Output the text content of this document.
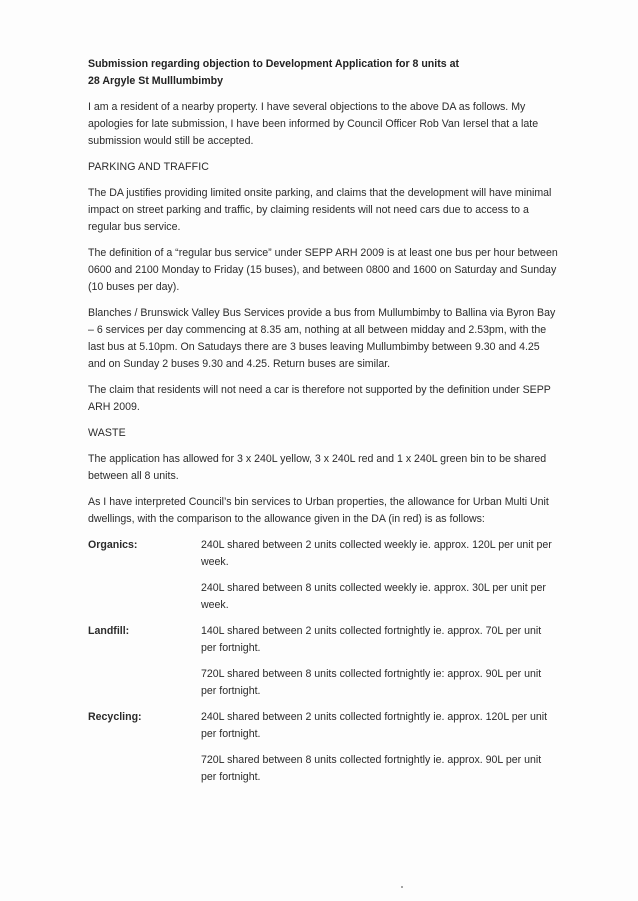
Submission regarding objection to Development Application for 8 units at
28 Argyle St Mulllumbimby

I am a resident of a nearby property. I have several objections to the above DA as follows. My apologies for late submission, I have been informed by Council Officer Rob Van Iersel that a late submission would still be accepted.

PARKING AND TRAFFIC

The DA justifies providing limited onsite parking, and claims that the development will have minimal impact on street parking and traffic, by claiming residents will not need cars due to access to a regular bus service.

The definition of a “regular bus service” under SEPP ARH 2009 is at least one bus per hour between 0600 and 2100 Monday to Friday (15 buses), and between 0800 and 1600 on Saturday and Sunday (10 buses per day).

Blanches / Brunswick Valley Bus Services provide a bus from Mullumbimby to Ballina via Byron Bay – 6 services per day commencing at 8.35 am, nothing at all between midday and 2.53pm, with the last bus at 5.10pm. On Satudays there are 3 buses leaving Mullumbimby between 9.30 and 4.25 and on Sunday 2 buses 9.30 and 4.25. Return buses are similar.

The claim that residents will not need a car is therefore not supported by the definition under SEPP ARH 2009.

WASTE

The application has allowed for 3 x 240L yellow, 3 x 240L red and 1 x 240L green bin to be shared between all 8 units.

As I have interpreted Council’s bin services to Urban properties, the allowance for Urban Multi Unit dwellings, with the comparison to the allowance given in the DA (in red) is as follows:

Organics:	240L shared between 2 units collected weekly ie. approx. 120L per unit per week.

240L shared between 8 units collected weekly ie. approx. 30L per unit per week.

Landfill:	140L shared between 2 units collected fortnightly ie. approx. 70L per unit per fortnight.

720L shared between 8 units collected fortnightly ie: approx. 90L per unit per fortnight.

Recycling:	240L shared between 2 units collected fortnightly ie. approx. 120L per unit per fortnight.

720L shared between 8 units collected fortnightly ie. approx. 90L per unit per fortnight.
